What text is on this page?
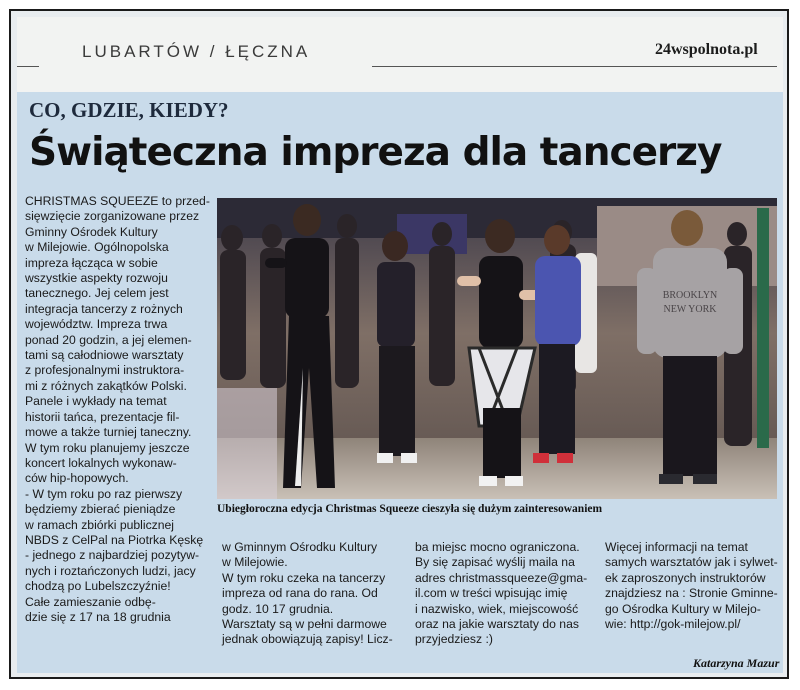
LUBARTÓW / ŁĘCZNA	24wspolnota.pl
CO, GDZIE, KIEDY?
Świąteczna impreza dla tancerzy

CHRISTMAS SQUEEZE to przed-

sięwzięcie zorganizowane przez

Gminny Ośrodek Kultury

w Milejowie. Ogólnopolska

impreza łącząca w sobie

wszystkie aspekty rozwoju

tanecznego. Jej celem jest

integracja tancerzy z rożnych

województw. Impreza trwa

ponad 20 godzin, a jej elemen-

tami są całodniowe warsztaty

z profesjonalnymi instruktora-

mi z różnych zakątków Polski.

Panele i wykłady na temat

historii tańca, prezentacje fil-

mowe a także turniej taneczny.

W tym roku planujemy jeszcze

koncert lokalnych wykonaw-

ców hip-hopowych.

- W tym roku po raz pierwszy

będziemy zbierać pieniądze

w ramach zbiórki publicznej

NBDS z CelPal na Piotrka Kęskę

- jednego z najbardziej pozytyw-

nych i roztańczonych ludzi, jacy

chodzą po Lubelszczyźnie!

Całe zamieszanie odbę-

dzie się z 17 na 18 grudnia

BROOKLYN
NEW YORK
Ubiegłoroczna edycja Christmas Squeeze cieszyła się dużym zainteresowaniem

w Gminnym Ośrodku Kultury

w Milejowie.

W tym roku czeka na tancerzy

impreza od rana do rana. Od

godz. 10 17 grudnia.

Warsztaty są w pełni darmowe

jednak obowiązują zapisy! Licz-

ba miejsc mocno ograniczona.

By się zapisać wyślij maila na

adres christmassqueeze@gma-

il.com w treści wpisując imię

i nazwisko, wiek, miejscowość

oraz na jakie warsztaty do nas

przyjedziesz :)

Więcej informacji na temat

samych warsztatów jak i sylwet-

ek zaproszonych instruktorów

znajdziesz na : Stronie Gminne-

go Ośrodka Kultury w Milejo-

wie: http://gok-milejow.pl/

Katarzyna Mazur
